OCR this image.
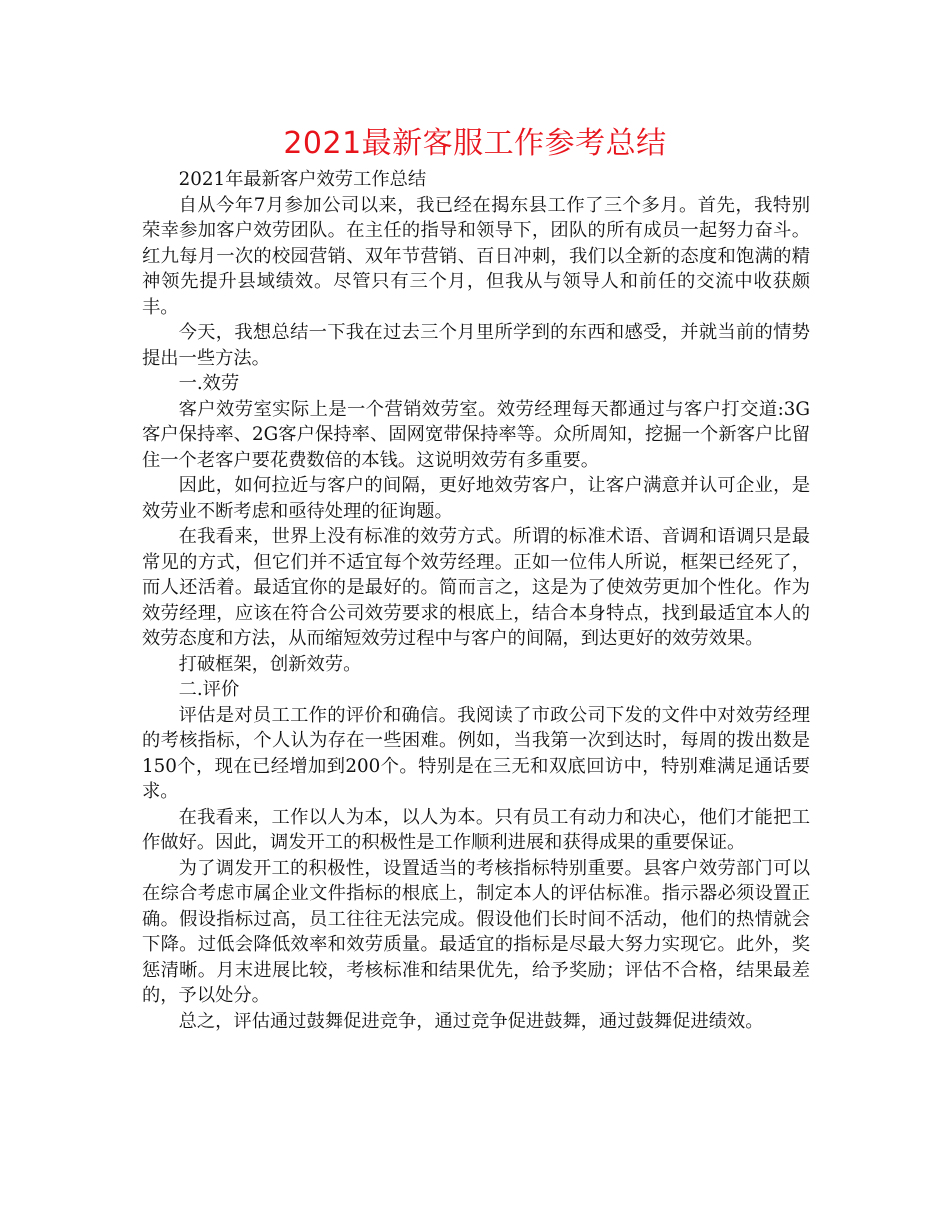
2021最新客服工作参考总结

2021年最新客户效劳工作总结

自从今年7月参加公司以来，我已经在揭东县工作了三个多月。首先，我特别荣幸参加客户效劳团队。在主任的指导和领导下，团队的所有成员一起努力奋斗。红九每月一次的校园营销、双年节营销、百日冲刺，我们以全新的态度和饱满的精神领先提升县域绩效。尽管只有三个月，但我从与领导人和前任的交流中收获颇丰。

今天，我想总结一下我在过去三个月里所学到的东西和感受，并就当前的情势提出一些方法。

一.效劳

客户效劳室实际上是一个营销效劳室。效劳经理每天都通过与客户打交道:3G客户保持率、2G客户保持率、固网宽带保持率等。众所周知，挖掘一个新客户比留住一个老客户要花费数倍的本钱。这说明效劳有多重要。

因此，如何拉近与客户的间隔，更好地效劳客户，让客户满意并认可企业，是效劳业不断考虑和亟待处理的征询题。

在我看来，世界上没有标准的效劳方式。所谓的标准术语、音调和语调只是最常见的方式，但它们并不适宜每个效劳经理。正如一位伟人所说，框架已经死了，而人还活着。最适宜你的是最好的。简而言之，这是为了使效劳更加个性化。作为效劳经理，应该在符合公司效劳要求的根底上，结合本身特点，找到最适宜本人的效劳态度和方法，从而缩短效劳过程中与客户的间隔，到达更好的效劳效果。

打破框架，创新效劳。

二.评价

评估是对员工工作的评价和确信。我阅读了市政公司下发的文件中对效劳经理的考核指标，个人认为存在一些困难。例如，当我第一次到达时，每周的拨出数是150个，现在已经增加到200个。特别是在三无和双底回访中，特别难满足通话要求。

在我看来，工作以人为本，以人为本。只有员工有动力和决心，他们才能把工作做好。因此，调发开工的积极性是工作顺利进展和获得成果的重要保证。

为了调发开工的积极性，设置适当的考核指标特别重要。县客户效劳部门可以在综合考虑市属企业文件指标的根底上，制定本人的评估标准。指示器必须设置正确。假设指标过高，员工往往无法完成。假设他们长时间不活动，他们的热情就会下降。过低会降低效率和效劳质量。最适宜的指标是尽最大努力实现它。此外，奖惩清晰。月末进展比较，考核标准和结果优先，给予奖励；评估不合格，结果最差的，予以处分。

总之，评估通过鼓舞促进竞争，通过竞争促进鼓舞，通过鼓舞促进绩效。
